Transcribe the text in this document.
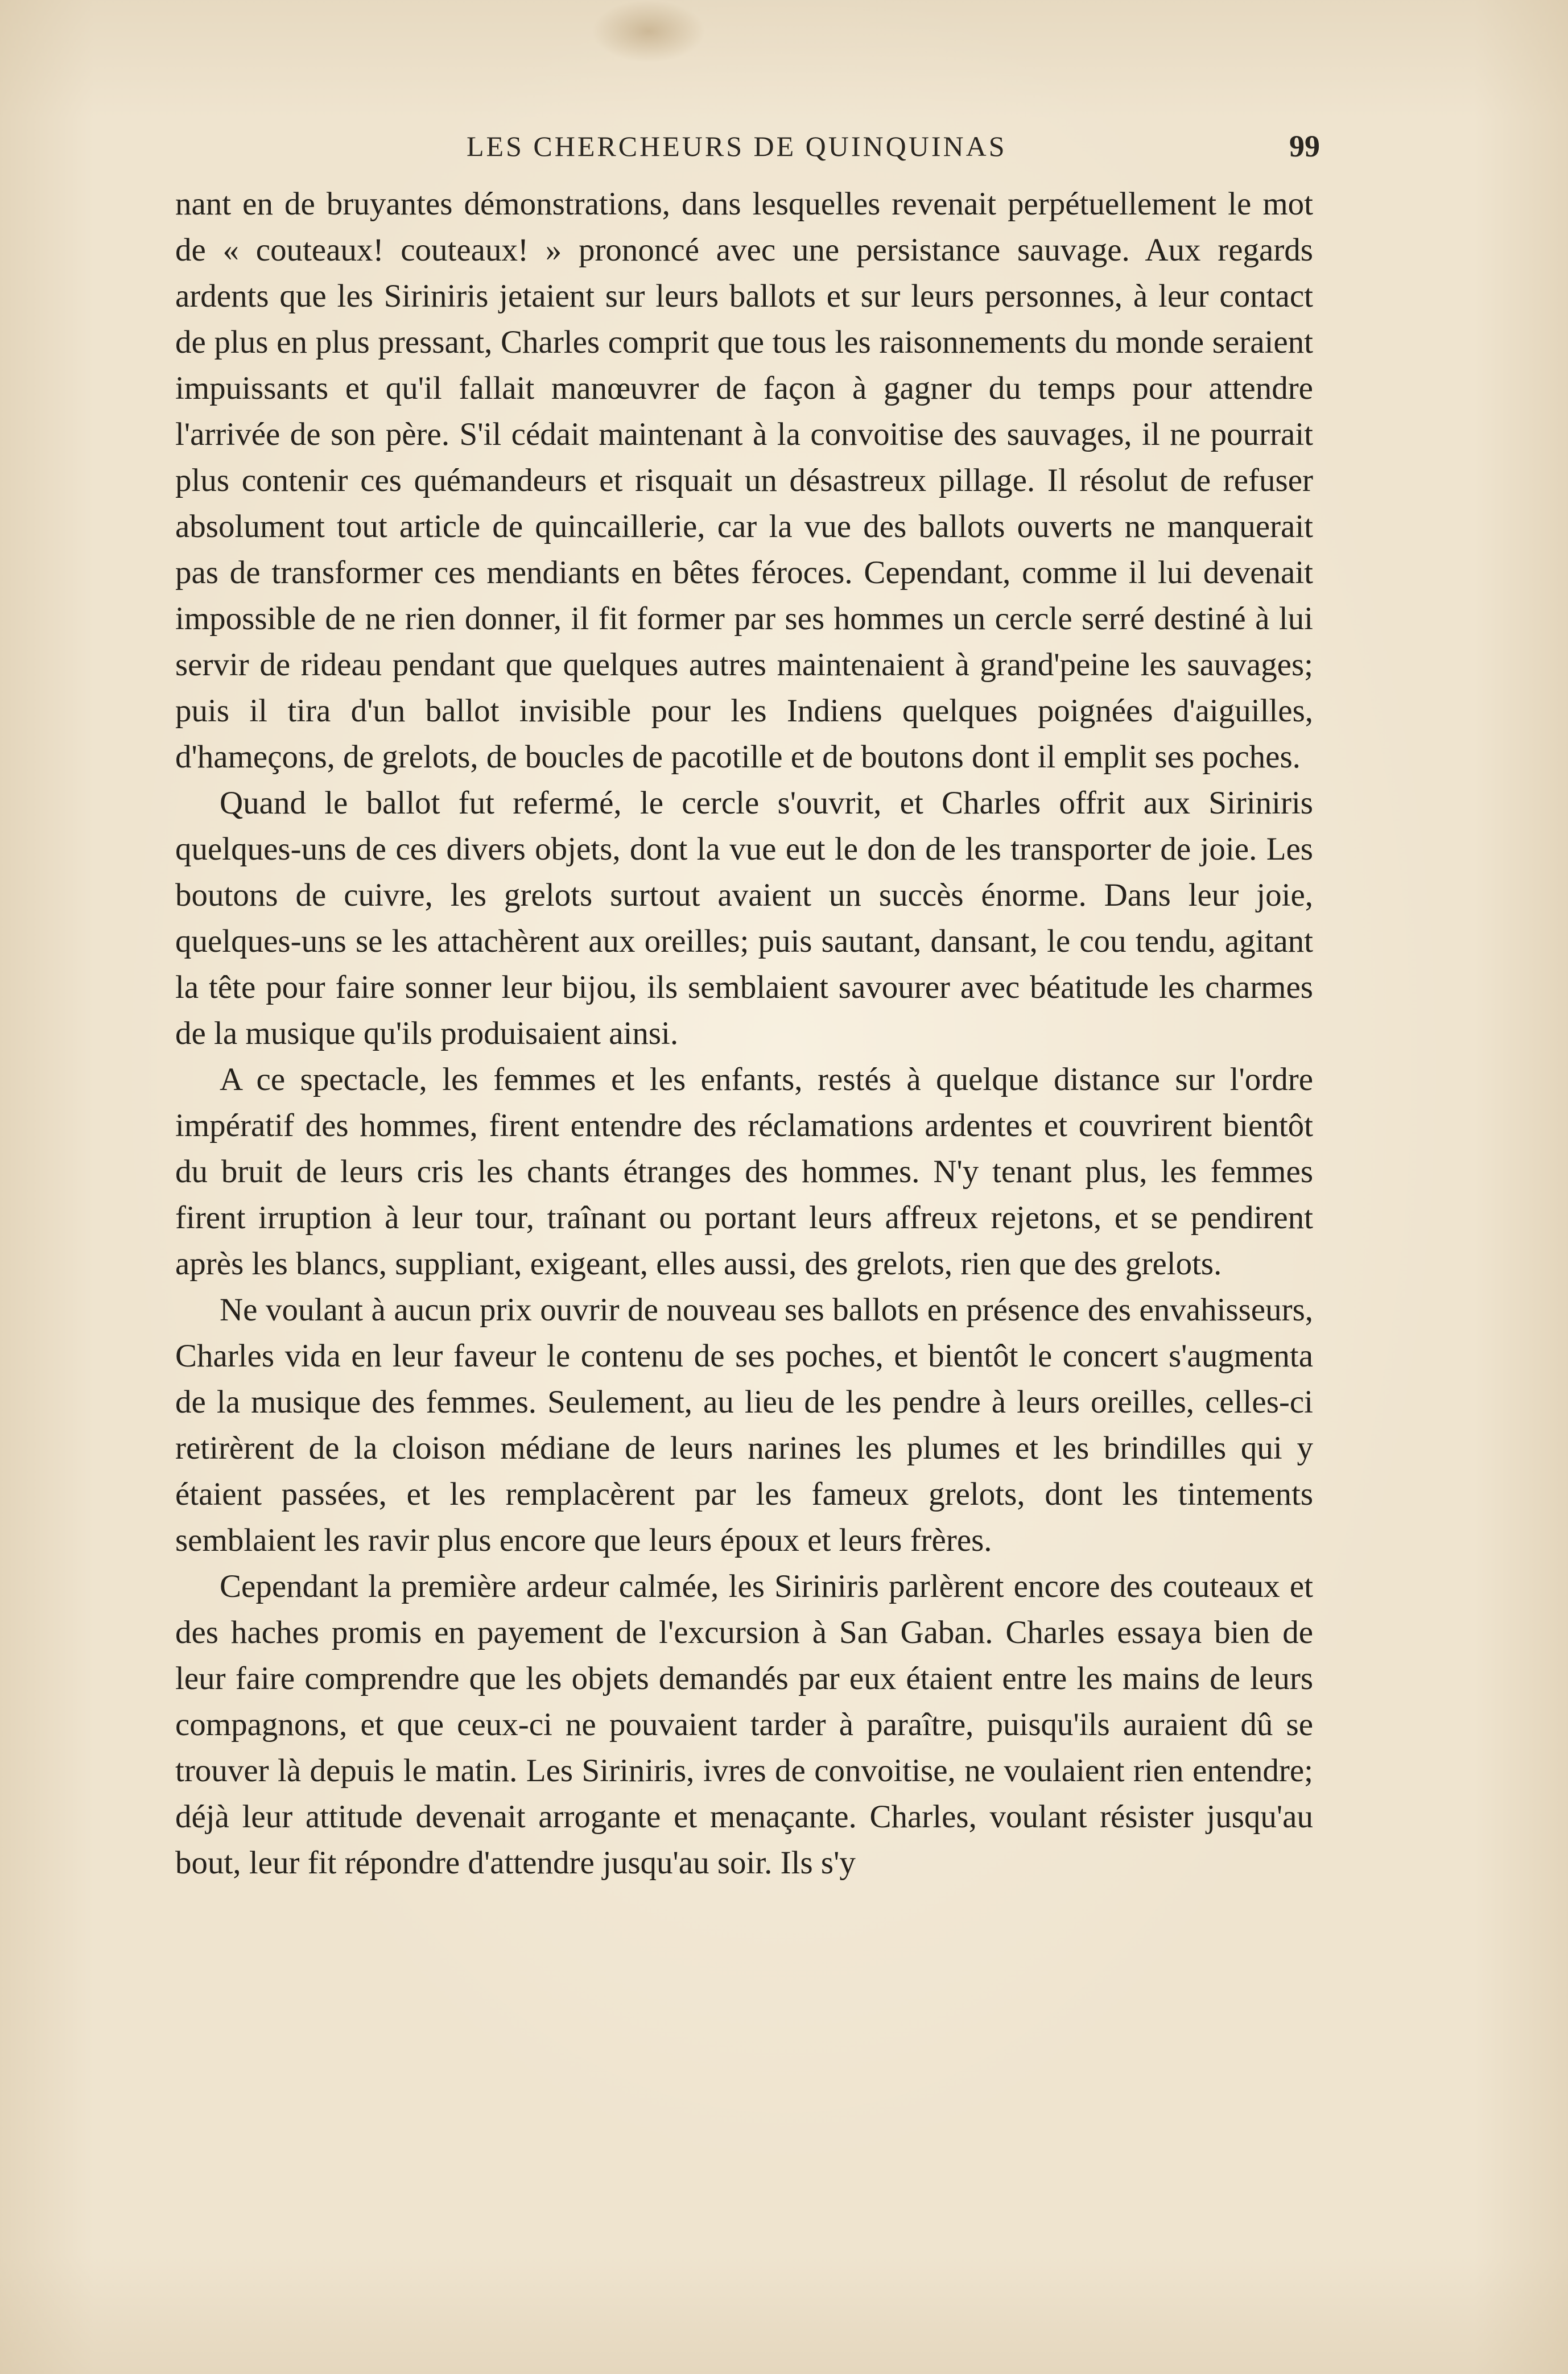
LES CHERCHEURS DE QUINQUINAS	99

nant en de bruyantes démonstrations, dans lesquelles revenait perpétuellement le mot de « couteaux! couteaux! » prononcé avec une persistance sauvage. Aux regards ardents que les Siriniris jetaient sur leurs ballots et sur leurs personnes, à leur contact de plus en plus pressant, Charles comprit que tous les raisonnements du monde seraient impuissants et qu'il fallait manœuvrer de façon à gagner du temps pour attendre l'arrivée de son père. S'il cédait maintenant à la convoitise des sauvages, il ne pourrait plus contenir ces quémandeurs et risquait un désastreux pillage. Il résolut de refuser absolument tout article de quincaillerie, car la vue des ballots ouverts ne manquerait pas de transformer ces mendiants en bêtes féroces. Cependant, comme il lui devenait impossible de ne rien donner, il fit former par ses hommes un cercle serré destiné à lui servir de rideau pendant que quelques autres maintenaient à grand'peine les sauvages; puis il tira d'un ballot invisible pour les Indiens quelques poignées d'aiguilles, d'hameçons, de grelots, de boucles de pacotille et de boutons dont il emplit ses poches.

Quand le ballot fut refermé, le cercle s'ouvrit, et Charles offrit aux Siriniris quelques-uns de ces divers objets, dont la vue eut le don de les transporter de joie. Les boutons de cuivre, les grelots surtout avaient un succès énorme. Dans leur joie, quelques-uns se les attachèrent aux oreilles; puis sautant, dansant, le cou tendu, agitant la tête pour faire sonner leur bijou, ils semblaient savourer avec béatitude les charmes de la musique qu'ils produisaient ainsi.

A ce spectacle, les femmes et les enfants, restés à quelque distance sur l'ordre impératif des hommes, firent entendre des réclamations ardentes et couvrirent bientôt du bruit de leurs cris les chants étranges des hommes. N'y tenant plus, les femmes firent irruption à leur tour, traînant ou portant leurs affreux rejetons, et se pendirent après les blancs, suppliant, exigeant, elles aussi, des grelots, rien que des grelots.

Ne voulant à aucun prix ouvrir de nouveau ses ballots en présence des envahisseurs, Charles vida en leur faveur le contenu de ses poches, et bientôt le concert s'augmenta de la musique des femmes. Seulement, au lieu de les pendre à leurs oreilles, celles-ci retirèrent de la cloison médiane de leurs narines les plumes et les brindilles qui y étaient passées, et les remplacèrent par les fameux grelots, dont les tintements semblaient les ravir plus encore que leurs époux et leurs frères.

Cependant la première ardeur calmée, les Siriniris parlèrent encore des couteaux et des haches promis en payement de l'excursion à San Gaban. Charles essaya bien de leur faire comprendre que les objets demandés par eux étaient entre les mains de leurs compagnons, et que ceux-ci ne pouvaient tarder à paraître, puisqu'ils auraient dû se trouver là depuis le matin. Les Siriniris, ivres de convoitise, ne voulaient rien entendre; déjà leur attitude devenait arrogante et menaçante. Charles, voulant résister jusqu'au bout, leur fit répondre d'attendre jusqu'au soir. Ils s'y
